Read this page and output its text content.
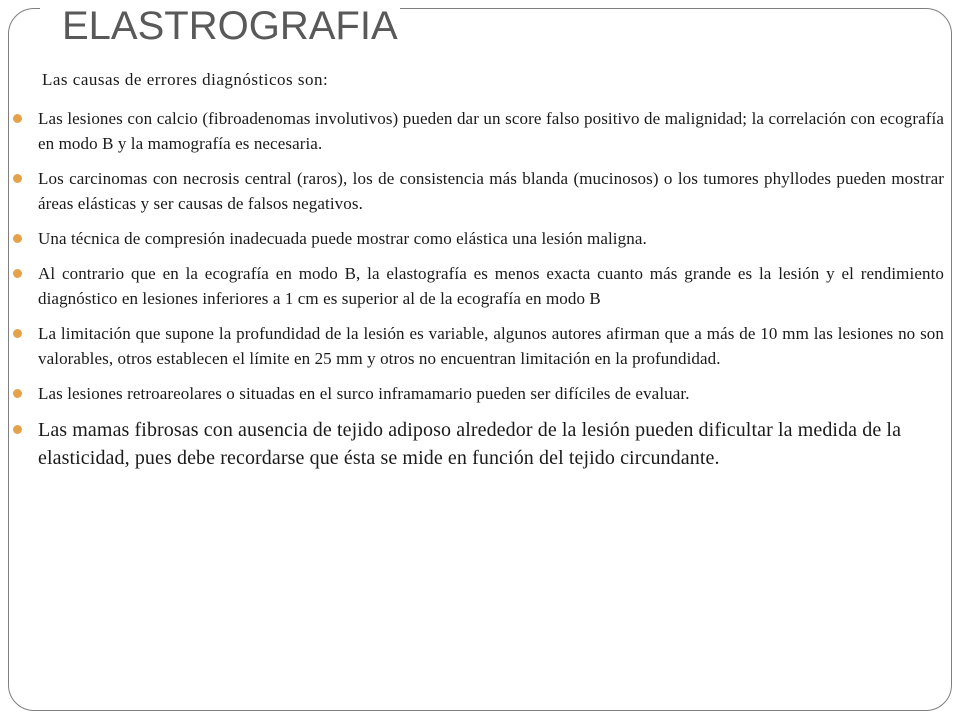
ELASTROGRAFIA

Las causas de errores diagnósticos son:

Las lesiones con calcio (fibroadenomas involutivos) pueden dar un score falso positivo de malignidad; la correlación con ecografía en modo B y la mamografía es necesaria.
Los carcinomas con necrosis central (raros), los de consistencia más blanda (mucinosos) o los tumores phyllodes pueden mostrar áreas elásticas y ser causas de falsos negativos.
Una técnica de compresión inadecuada puede mostrar como elástica una lesión maligna.
Al contrario que en la ecografía en modo B, la elastografía es menos exacta cuanto más grande es la lesión y el rendimiento diagnóstico en lesiones inferiores a 1 cm es superior al de la ecografía en modo B
La limitación que supone la profundidad de la lesión es variable, algunos autores afirman que a más de 10 mm las lesiones no son valorables, otros establecen el límite en 25 mm y otros no encuentran limitación en la profundidad.
Las lesiones retroareolares o situadas en el surco inframamario pueden ser difíciles de evaluar.
Las mamas fibrosas con ausencia de tejido adiposo alrededor de la lesión pueden dificultar la medida de la elasticidad, pues debe recordarse que ésta se mide en función del tejido circundante.
